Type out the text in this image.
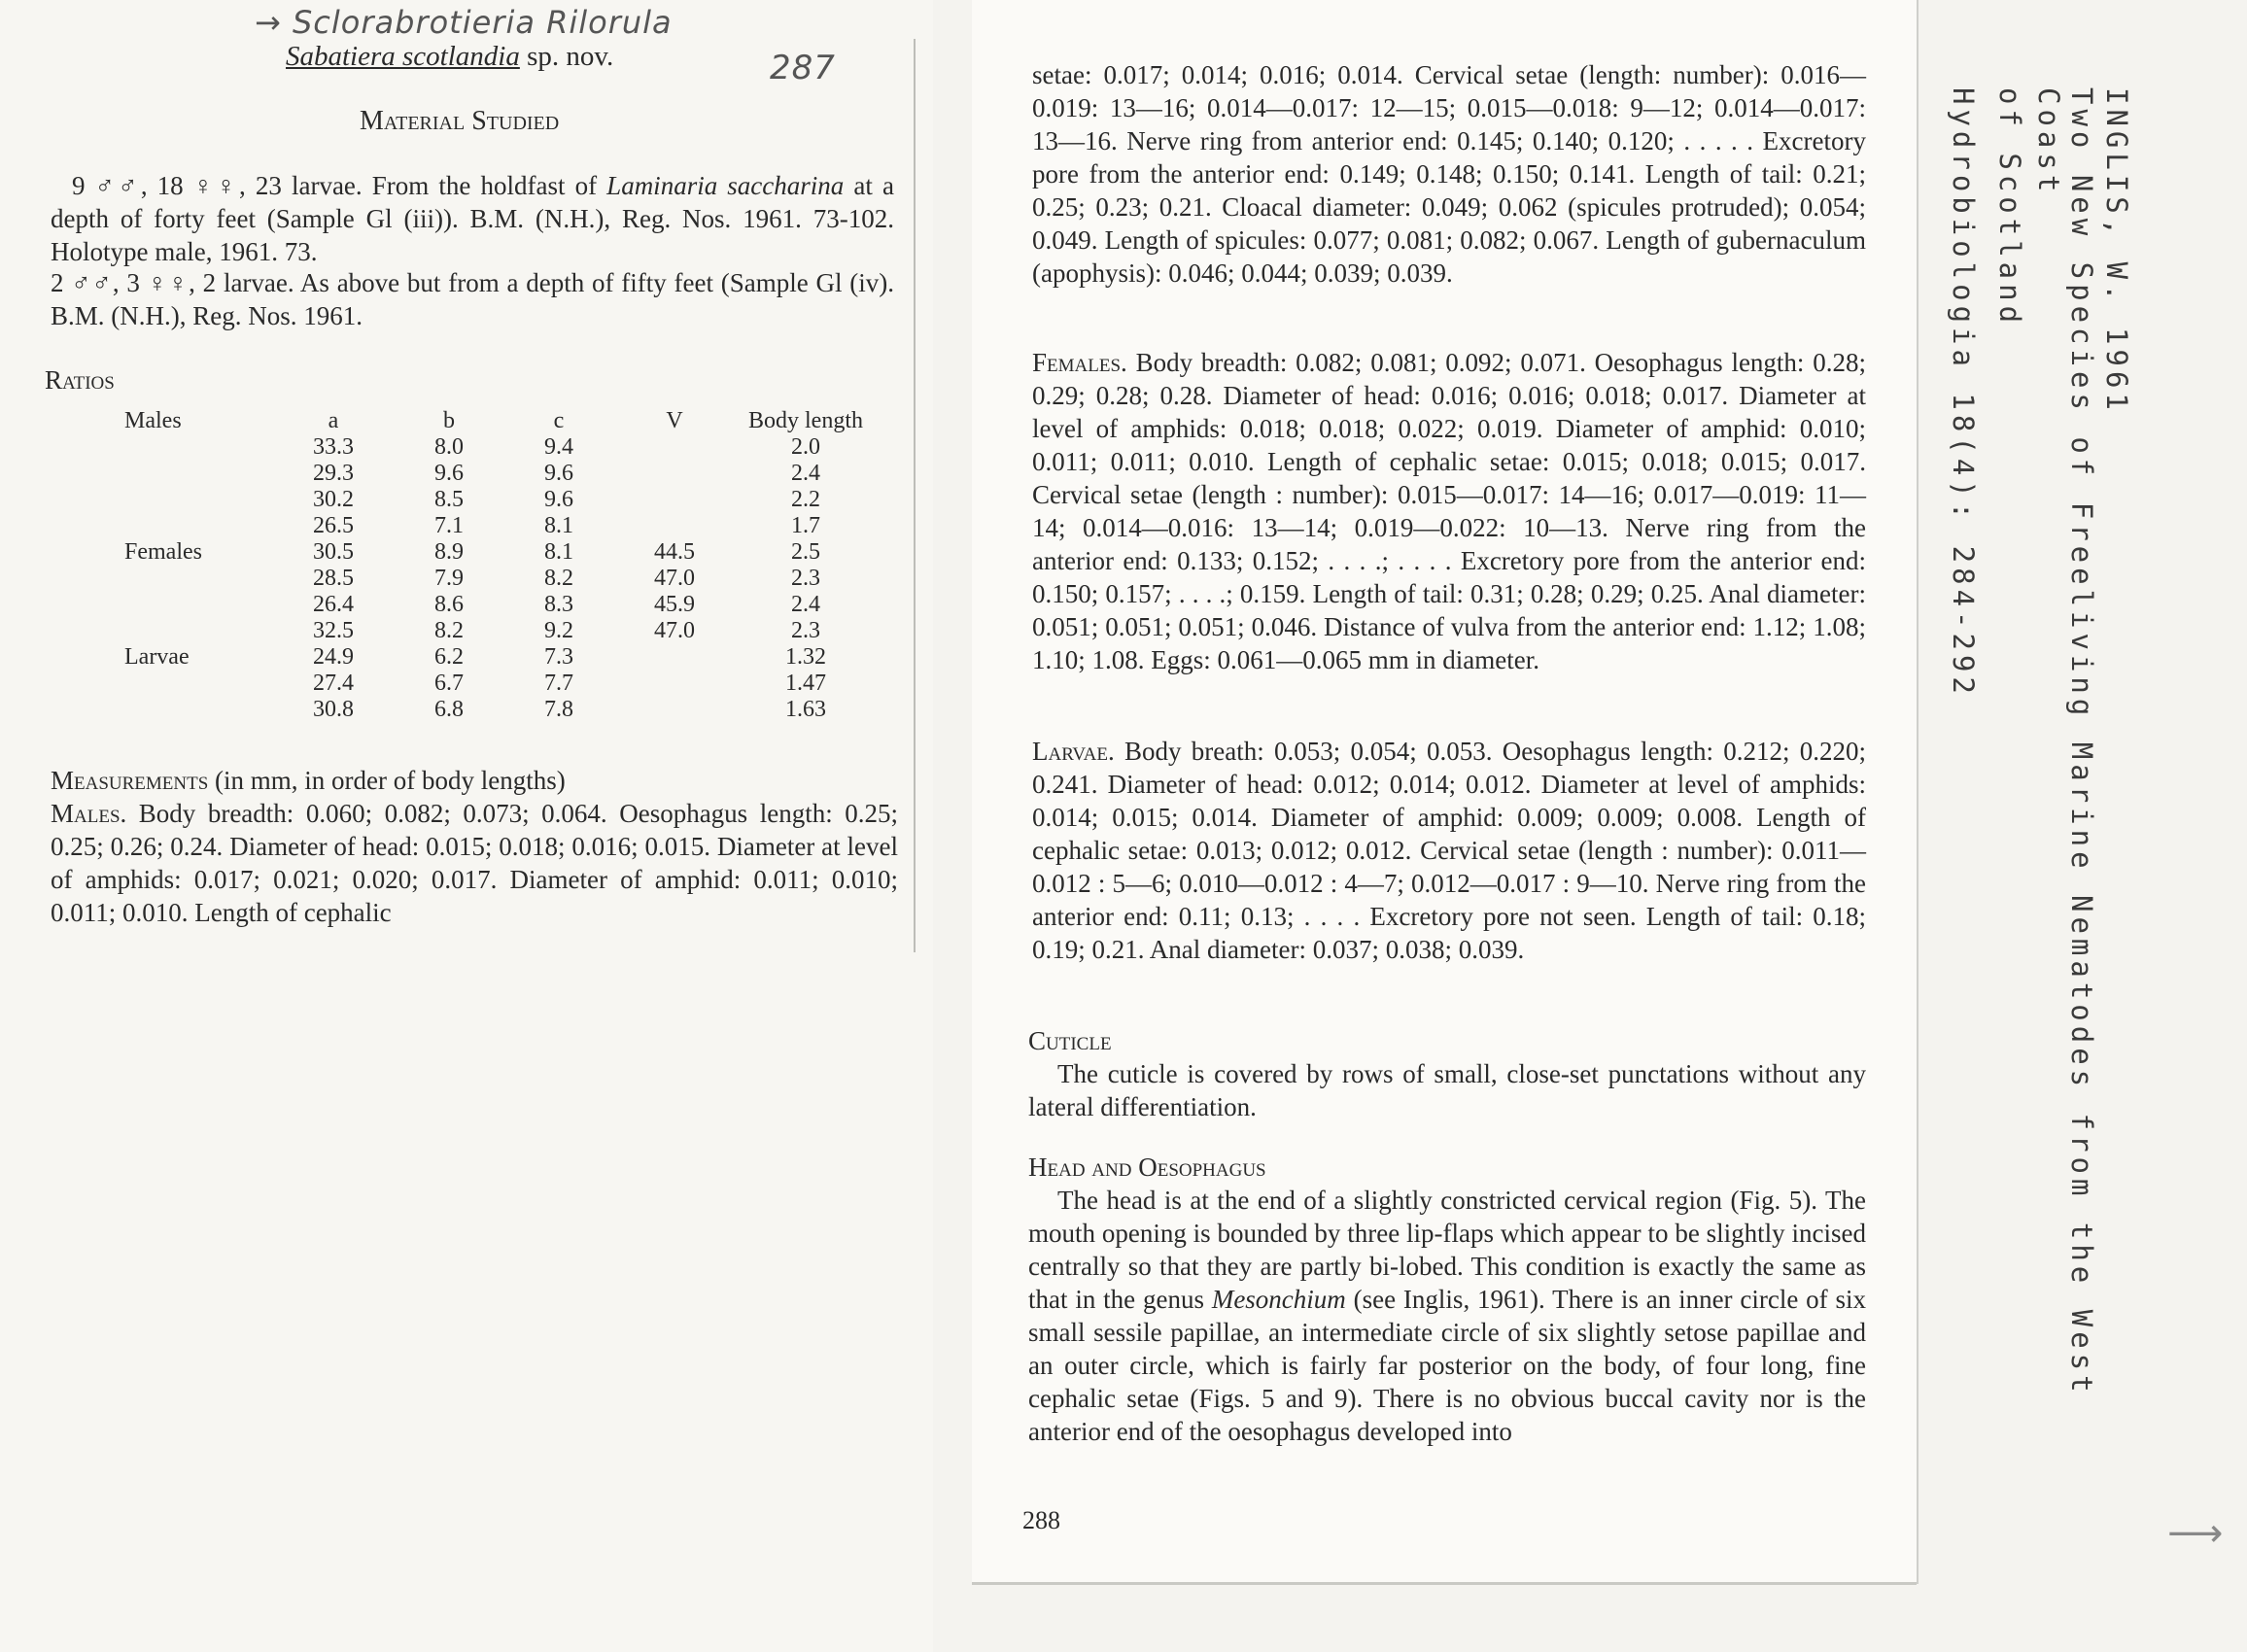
→ Sclorabrotieria Rilorula
287
Sabatiera scotlandia sp. nov.

Material Studied

9 ♂♂, 18 ♀♀, 23 larvae. From the holdfast of Laminaria saccharina at a depth of forty feet (Sample Gl (iii)). B.M. (N.H.), Reg. Nos. 1961. 73-102. Holotype male, 1961. 73.

2 ♂♂, 3 ♀♀, 2 larvae. As above but from a depth of fifty feet (Sample Gl (iv). B.M. (N.H.), Reg. Nos. 1961.

Ratios

Males	a	b	c	V	Body length
	33.3	8.0	9.4		2.0
	29.3	9.6	9.6		2.4
	30.2	8.5	9.6		2.2
	26.5	7.1	8.1		1.7
Females	30.5	8.9	8.1	44.5	2.5
	28.5	7.9	8.2	47.0	2.3
	26.4	8.6	8.3	45.9	2.4
	32.5	8.2	9.2	47.0	2.3
Larvae	24.9	6.2	7.3		1.32
	27.4	6.7	7.7		1.47
	30.8	6.8	7.8		1.63

Measurements (in mm, in order of body lengths)

Males. Body breadth: 0.060; 0.082; 0.073; 0.064. Oesophagus length: 0.25; 0.25; 0.26; 0.24. Diameter of head: 0.015; 0.018; 0.016; 0.015. Diameter at level of amphids: 0.017; 0.021; 0.020; 0.017. Diameter of amphid: 0.011; 0.010; 0.011; 0.010. Length of cephalic

setae: 0.017; 0.014; 0.016; 0.014. Cervical setae (length: number): 0.016—0.019: 13—16; 0.014—0.017: 12—15; 0.015—0.018: 9—12; 0.014—0.017: 13—16. Nerve ring from anterior end: 0.145; 0.140; 0.120; . . . . . Excretory pore from the anterior end: 0.149; 0.148; 0.150; 0.141. Length of tail: 0.21; 0.25; 0.23; 0.21. Cloacal diameter: 0.049; 0.062 (spicules protruded); 0.054; 0.049. Length of spicules: 0.077; 0.081; 0.082; 0.067. Length of gubernaculum (apophysis): 0.046; 0.044; 0.039; 0.039.

Females. Body breadth: 0.082; 0.081; 0.092; 0.071. Oesophagus length: 0.28; 0.29; 0.28; 0.28. Diameter of head: 0.016; 0.016; 0.018; 0.017. Diameter at level of amphids: 0.018; 0.018; 0.022; 0.019. Diameter of amphid: 0.010; 0.011; 0.011; 0.010. Length of cephalic setae: 0.015; 0.018; 0.015; 0.017. Cervical setae (length : number): 0.015—0.017: 14—16; 0.017—0.019: 11—14; 0.014—0.016: 13—14; 0.019—0.022: 10—13. Nerve ring from the anterior end: 0.133; 0.152; . . . .; . . . . Excretory pore from the anterior end: 0.150; 0.157; . . . .; 0.159. Length of tail: 0.31; 0.28; 0.29; 0.25. Anal diameter: 0.051; 0.051; 0.051; 0.046. Distance of vulva from the anterior end: 1.12; 1.08; 1.10; 1.08. Eggs: 0.061—0.065 mm in diameter.

Larvae. Body breath: 0.053; 0.054; 0.053. Oesophagus length: 0.212; 0.220; 0.241. Diameter of head: 0.012; 0.014; 0.012. Diameter at level of amphids: 0.014; 0.015; 0.014. Diameter of amphid: 0.009; 0.009; 0.008. Length of cephalic setae: 0.013; 0.012; 0.012. Cervical setae (length : number): 0.011—0.012 : 5—6; 0.010—0.012 : 4—7; 0.012—0.017 : 9—10. Nerve ring from the anterior end: 0.11; 0.13; . . . . Excretory pore not seen. Length of tail: 0.18; 0.19; 0.21. Anal diameter: 0.037; 0.038; 0.039.

Cuticle

The cuticle is covered by rows of small, close-set punctations without any lateral differentiation.

Head and Oesophagus

The head is at the end of a slightly constricted cervical region (Fig. 5). The mouth opening is bounded by three lip-flaps which appear to be slightly incised centrally so that they are partly bi-lobed. This condition is exactly the same as that in the genus Mesonchium (see Inglis, 1961). There is an inner circle of six small sessile papillae, an intermediate circle of six slightly setose papillae and an outer circle, which is fairly far posterior on the body, of four long, fine cephalic setae (Figs. 5 and 9). There is no obvious buccal cavity nor is the anterior end of the oesophagus developed into

288
INGLIS, W. 1961
Two New Species of Freeliving Marine Nematodes from the West Coast
of Scotland
Hydrobiologia 18(4): 284-292
⟶
